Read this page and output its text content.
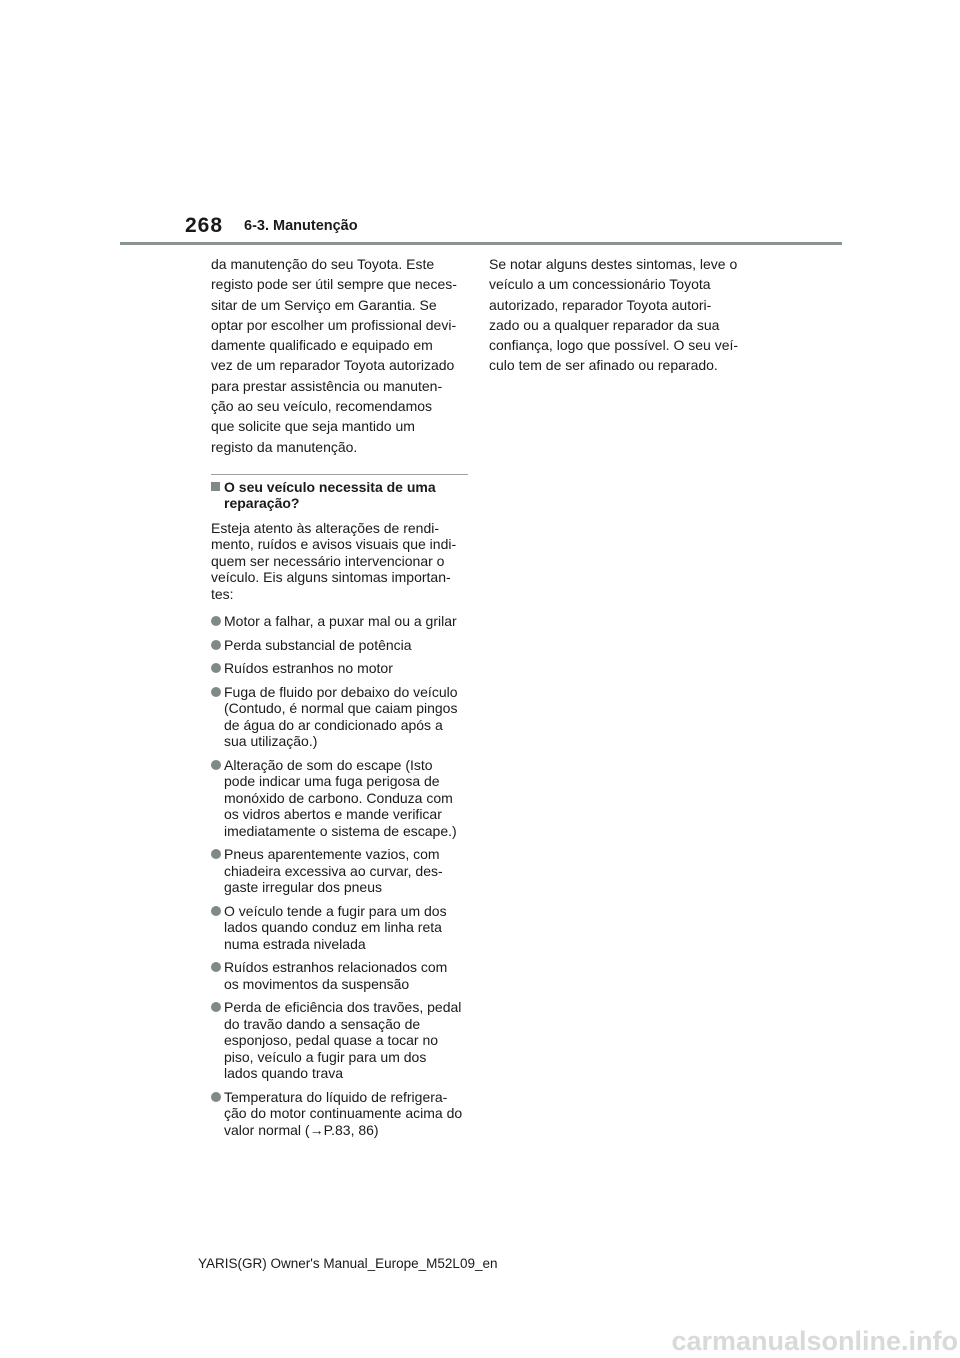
268 6-3. Manutenção

da manutenção do seu Toyota. Este
registo pode ser útil sempre que neces-
sitar de um Serviço em Garantia. Se
optar por escolher um profissional devi-
damente qualificado e equipado em
vez de um reparador Toyota autorizado
para prestar assistência ou manuten-
ção ao seu veículo, recomendamos
que solicite que seja mantido um
registo da manutenção.

O seu veículo necessita de uma
reparação?

Esteja atento às alterações de rendi-
mento, ruídos e avisos visuais que indi-
quem ser necessário intervencionar o
veículo. Eis alguns sintomas importan-
tes:

Motor a falhar, a puxar mal ou a grilar
Perda substancial de potência
Ruídos estranhos no motor
Fuga de fluido por debaixo do veículo
(Contudo, é normal que caiam pingos
de água do ar condicionado após a
sua utilização.)
Alteração de som do escape (Isto
pode indicar uma fuga perigosa de
monóxido de carbono. Conduza com
os vidros abertos e mande verificar
imediatamente o sistema de escape.)
Pneus aparentemente vazios, com
chiadeira excessiva ao curvar, des-
gaste irregular dos pneus
O veículo tende a fugir para um dos
lados quando conduz em linha reta
numa estrada nivelada
Ruídos estranhos relacionados com
os movimentos da suspensão
Perda de eficiência dos travões, pedal
do travão dando a sensação de
esponjoso, pedal quase a tocar no
piso, veículo a fugir para um dos
lados quando trava
Temperatura do líquido de refrigera-
ção do motor continuamente acima do
valor normal (→P.83, 86)

Se notar alguns destes sintomas, leve o
veículo a um concessionário Toyota
autorizado, reparador Toyota autori-
zado ou a qualquer reparador da sua
confiança, logo que possível. O seu veí-
culo tem de ser afinado ou reparado.

YARIS(GR) Owner's Manual_Europe_M52L09_en
carmanualsonline.info
